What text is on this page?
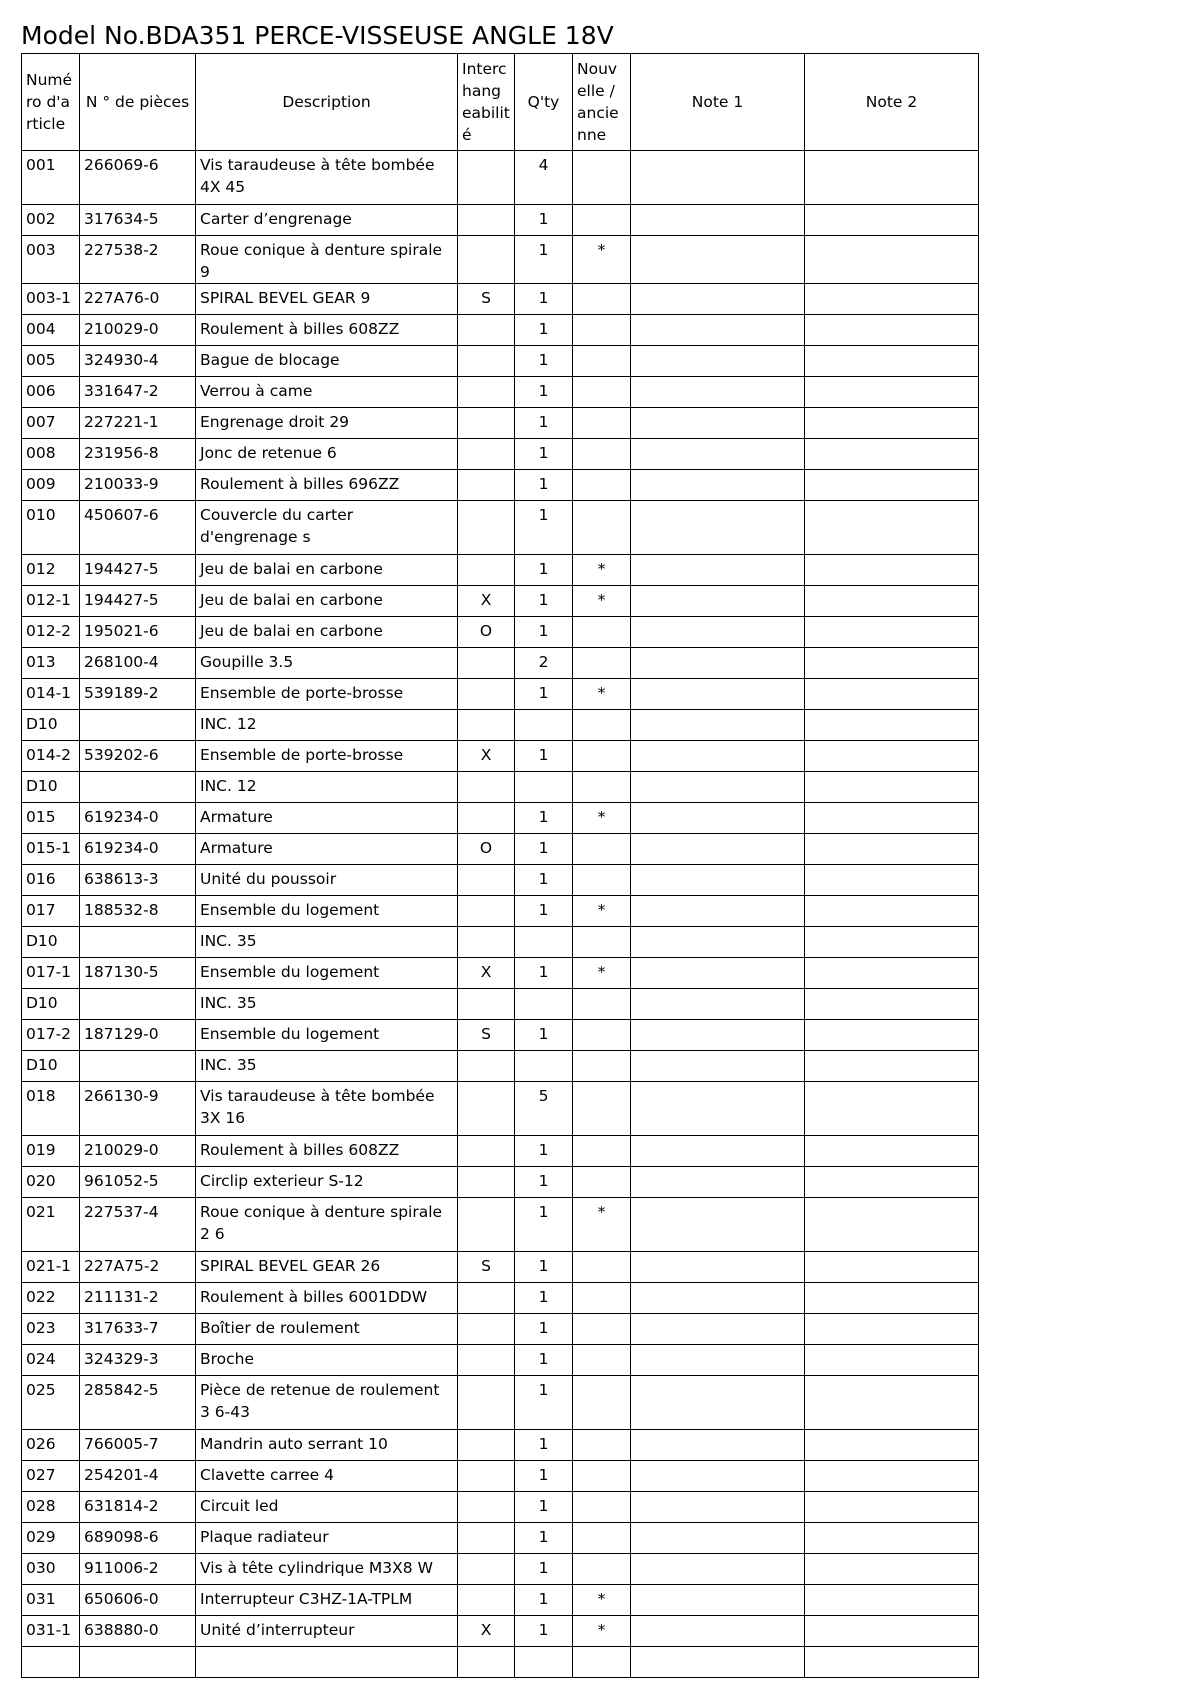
Model No.BDA351 PERCE-VISSEUSE ANGLE 18V
Numé ro d'a rticle	N ° de pièces	Description	Interc hang eabilit é	Q'ty	Nouv elle / ancie nne	Note 1	Note 2
001	266069-6	Vis taraudeuse à tête bombée 4X 45		4			
002	317634-5	Carter d’engrenage		1			
003	227538-2	Roue conique à denture spirale 9		1	*		
003-1	227A76-0	SPIRAL BEVEL GEAR 9	S	1			
004	210029-0	Roulement à billes 608ZZ		1			
005	324930-4	Bague de blocage		1			
006	331647-2	Verrou à came		1			
007	227221-1	Engrenage droit 29		1			
008	231956-8	Jonc de retenue 6		1			
009	210033-9	Roulement à billes 696ZZ		1			
010	450607-6	Couvercle du carter d'engrenage s		1			
012	194427-5	Jeu de balai en carbone		1	*		
012-1	194427-5	Jeu de balai en carbone	X	1	*		
012-2	195021-6	Jeu de balai en carbone	O	1			
013	268100-4	Goupille 3.5		2			
014-1	539189-2	Ensemble de porte-brosse		1	*		
D10		INC. 12					
014-2	539202-6	Ensemble de porte-brosse	X	1			
D10		INC. 12					
015	619234-0	Armature		1	*		
015-1	619234-0	Armature	O	1			
016	638613-3	Unité du poussoir		1			
017	188532-8	Ensemble du logement		1	*		
D10		INC. 35					
017-1	187130-5	Ensemble du logement	X	1	*		
D10		INC. 35					
017-2	187129-0	Ensemble du logement	S	1			
D10		INC. 35					
018	266130-9	Vis taraudeuse à tête bombée 3X 16		5			
019	210029-0	Roulement à billes 608ZZ		1			
020	961052-5	Circlip exterieur S-12		1			
021	227537-4	Roue conique à denture spirale 2 6		1	*		
021-1	227A75-2	SPIRAL BEVEL GEAR 26	S	1			
022	211131-2	Roulement à billes 6001DDW		1			
023	317633-7	Boîtier de roulement		1			
024	324329-3	Broche		1			
025	285842-5	Pièce de retenue de roulement 3 6-43		1			
026	766005-7	Mandrin auto serrant 10		1			
027	254201-4	Clavette carree 4		1			
028	631814-2	Circuit led		1			
029	689098-6	Plaque radiateur		1			
030	911006-2	Vis à tête cylindrique M3X8 W		1			
031	650606-0	Interrupteur C3HZ-1A-TPLM		1	*		
031-1	638880-0	Unité d’interrupteur	X	1	*		
